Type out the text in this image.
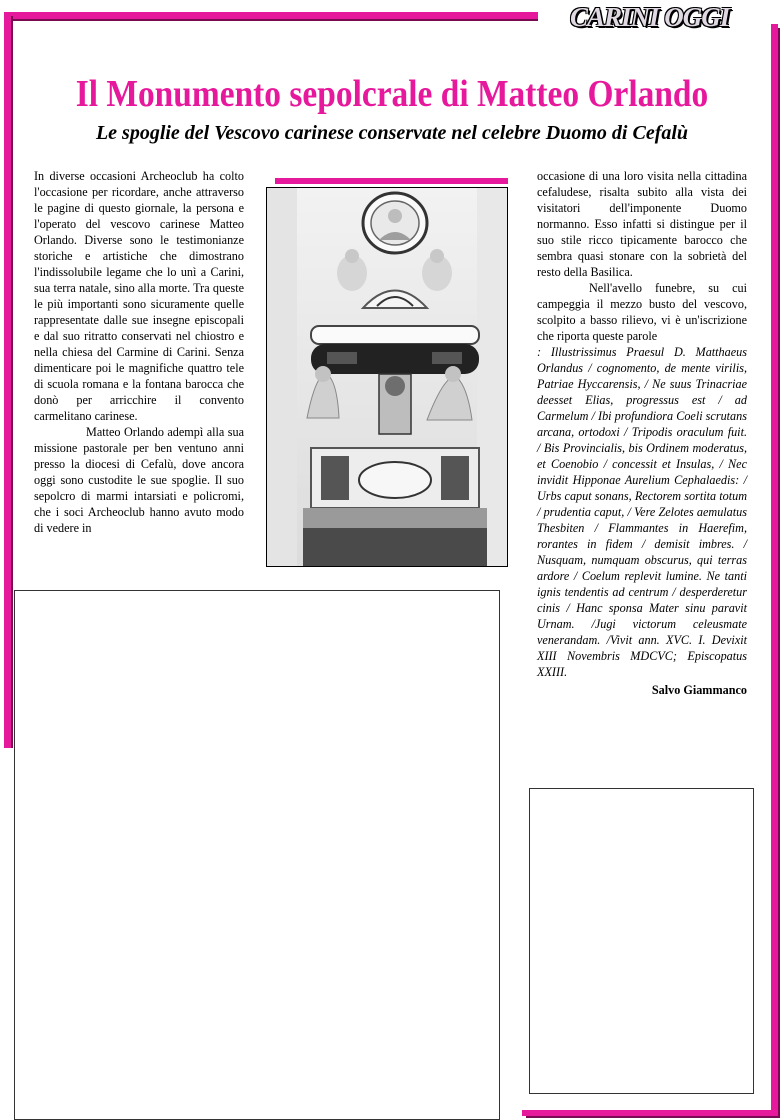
CARINI OGGI
Il Monumento sepolcrale di Matteo Orlando
Le spoglie del Vescovo carinese conservate nel celebre Duomo di Cefalù

In diverse occasioni Archeoclub ha colto l'occasione per ricordare, anche attraverso le pagine di questo giornale, la persona e l'operato del vescovo carinese Matteo Orlando. Diverse sono le testimonianze storiche e artistiche che dimostrano l'indissolubile legame che lo unì a Carini, sua terra natale, sino alla morte. Tra queste le più importanti sono sicuramente quelle rappresentate dalle sue insegne episcopali e dal suo ritratto conservati nel chiostro e nella chiesa del Carmine di Carini. Senza dimenticare poi le magnifiche quattro tele di scuola romana e la fontana barocca che donò per arricchire il convento carmelitano carinese.

Matteo Orlando adempì alla sua missione pastorale per ben ventuno anni presso la diocesi di Cefalù, dove ancora oggi sono custodite le sue spoglie. Il suo sepolcro di marmi intarsiati e policromi, che i soci Archeoclub hanno avuto modo di vedere in

occasione di una loro visita nella cittadina cefaludese, risalta subito alla vista dei visitatori dell'imponente Duomo normanno. Esso infatti si distingue per il suo stile ricco tipicamente barocco che sembra quasi stonare con la sobrietà del resto della Basilica.

Nell'avello funebre, su cui campeggia il mezzo busto del vescovo, scolpito a basso rilievo, vi è un'iscrizione che riporta queste parole

: Illustrissimus Praesul D. Matthaeus Orlandus / cognomento, de mente virilis, Patriae Hyccarensis, / Ne suus Trinacriae deesset Elias, progressus est / ad Carmelum / Ibi profundiora Coeli scrutans arcana, ortodoxi / Tripodis oraculum fuit. / Bis Provincialis, bis Ordinem moderatus, et Coenobio / concessit et Insulas, / Nec invidit Hipponae Aurelium Cephalaedis: / Urbs caput sonans, Rectorem sortita totum / prudentia caput, / Vere Zelotes aemulatus Thesbiten / Flammantes in Haerefim, rorantes in fidem / demisit imbres. / Nusquam, numquam obscurus, qui terras ardore / Coelum replevit lumine. Ne tanti ignis tendentis ad centrum / desperderetur cinis / Hanc sponsa Mater sinu paravit Urnam. /Jugi victorum celeusmate venerandam. /Vivit ann. XVC. I. Devixit XIII Novembris MDCVC; Episcopatus XXIII.

Salvo Giammanco
